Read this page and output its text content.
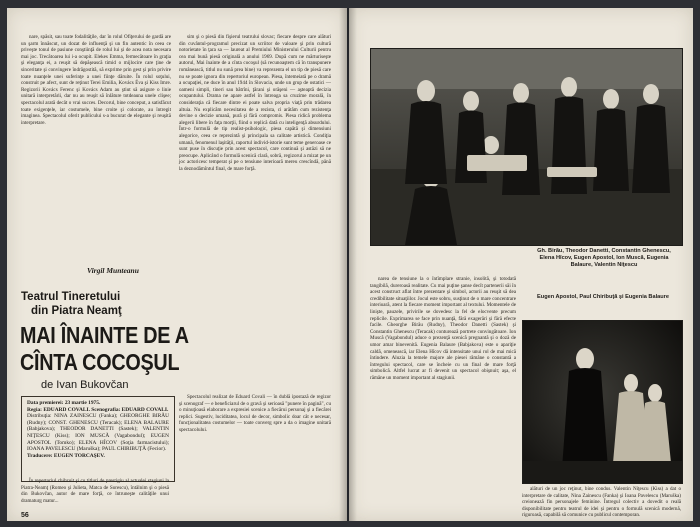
nare, spăsit, sau toate fodalităţile, dar în rolul Ofiţerului de gardă are un şarm înnăscut, un dozat de influenţă şi un fin autentic în ceea ce priveşte tonul de pasiune conştiinţă de rolul lui şi de acea nota necesara mai joc. Trecătoarea lui i-a ocupit. Elekes Emma, fermecătoare în graţia şi eleganţa ei, a reuşit să depăşească timid o mijlocire care ţine de sinceritate şi convingere îndrăgostită, să exprime prin gest şi prin privire toate nuanţele unei suferinţe a unei fiinţe dăruite. În rolul soţului, construit pe afect, sunt de reţinut Terei Emilia, Kovács Éva şi Kiss Imre. Regizorii Kovács Ferenc şi Kovács Adam au ştiut să asigure o linie unitară interpretării, dar nu au reuşit să înlăture totdeauna unele clişee; spectacolul arată decât o vrai succes. Decorul, bine conceput, a satisfăcut toate exigenţele, iar costumele, bine croite şi colorate, au întregit imaginea. Spectacolul oferit publicului s-a bucurat de elegante şi reuşită interpretare.

Virgil Munteanu
Teatrul Tineretului
din Piatra Neamţ
MAI ÎNAINTE DE A
CÎNTA COCOŞUL
de Ivan Bukovčan
Data premierei: 23 martie 1975.
Regia: EDUARD COVALI. Scenografia: EDUARD COVALI.
Distribuţia: NINA ZAINESCU (Fanka); GHEORGHE BIRĂU (Rudny); CONST. GHENESCU (Teracak); ELENA BALAURE (Babjakova); THEODOR DANETTI (Sastek); VALENTIN NIŢESCU (Kiss); ION MUSCĂ (Vagabondul); EUGEN APOSTOL (Tomko); ELENA HÎCOV (Soţia farmacistului); IOANA PAVELESCU (Maruška); PAUL CHIRIBUŢĂ (Fecior).
Traducere: EUGEN TORCAŞEV.

În repertoriul chibzuit şi cu titluri de prestigiu al actualei stagiuni la Piatra-Neamţ (Romeo şi Julieta, Matca de Sorescu), întâlnim şi o piesă din Bukovčan, autor de mare forţă, ce întruneşte calităţile unui dramaturg matur...

56

sim şi o piesă din fişierul teatrului slovac; fiecare despre care alături din cuvântul-programul precizat un scriitor de valoare şi prin cultură notorietate în ţara sa — laureat al Premiului Ministerului Culturii pentru cea mai bună piesă originală a anului 1969. După cum ne mărturiseşte autorul, Mai înainte de a cînta cocoşul (să recunoaştem că în transpunere românească, titlul nu sună prea bine) va reprezenta el un tip de piesă care nu se poate ignora din repertoriul european. Piesa, întemeiată pe o dramă a ocupaţiei, ne duce în anul 1944 în Slovacia, unde un grup de ostatici — oameni simpli, tineri sau bătrîni, ţărani şi orăşeni — aşteaptă decizia ocupantului. Drama ne apare astfel în întreaga sa cruzime morală, în consideraţia că fiecare dintre ei poate salva propria viaţă prin trădarea altuia. Nu explicăm necesitatea de a rezista, ci arătăm cum rezistenţa devine o decizie umană, pură şi fără compromis. Piesa ridică problema alegerii libere în faţa morţii, fiind o replică dată cu inteligenţă absurdului. Într-o formulă de tip realist-psihologic, piesa capătă şi dimensiuni alegorice, ceea ce reprezintă şi principala sa calitate artistică. Condiţia umană, fenomenul laşităţii, raportul individ-istorie sunt teme generoase ce sunt puse în discuţie prin acest spectacol, care continuă şi astăzi să ne preocupe. Aplicând o formulă scenică clară, sobră, regizorul a mizat pe un joc actoricesc temperat şi pe o tensiune interioară mereu crescîndă, până la deznodămîntul final, de mare forţă.

Spectacolul realizat de Eduard Covali — în dublă ipostază de regizor şi scenograf — e beneficiarul de o gravă şi serioasă "punere în pagină", cu o minuţioasă elaborare a expresiei scenice a fiecărui personaj şi a fiecărei replici. Sugestiv, luciditatea, locul de decor, simbolic doar cât e necesar, funcţionalitatea costumelor — toate converg spre a da o imagine unitară spectacolului.

Gh. Birău, Theodor Danetti, Constantin Ghenescu, Elena Hîcov, Eugen Apostol, Ion Muscă, Eugenia Balaure, Valentin Niţescu

narea de tensiune la o întîmplare stranie, insolită, şi totodată tangibilă, dureroasă realitate. Cu mai puţine şanse decît partenerii săi în acest construct aflat între prezentare şi simbol, actorii au reuşit să dea credibilitate situaţiilor. Jocul este sobru, susţinut de o mare concentrare interioară, atent la fiecare moment important al textului. Momentele de linişte, pauzele, privirile se dovedesc la fel de elocvente precum replicile. Exprimarea se face prin nuanţă, fără exagerări şi fără efecte facile. Gheorghe Birău (Rudny), Theodor Danetti (Sastek) şi Constantin Ghenescu (Teracak) conturează portrete convingătoare. Ion Muscă (Vagabondul) aduce o prezenţă scenică pregnantă şi o doză de umor amar binevenită. Eugenia Balaure (Babjakova) este o apariţie caldă, omenească, iar Elena Hîcov dă intensitate unui rol de mai mică întindere. Aluzia la temele majore ale piesei rămâne o constantă a întregului spectacol, care se încheie cu un final de mare forţă simbolică. Altfel lucrat ar fi devenit un spectacol obişnuit; aşa, el rămâne un moment important al stagiunii.

Eugen Apostol, Paul Chiribuţă şi Eugenia Balaure

alături de un joc reţinut, bine condus. Valentin Niţescu (Kiss) a dat o interpretare de calitate, Nina Zainescu (Fanka) şi Ioana Pavelescu (Maruška) creionează fin personajele feminine. Întregul colectiv a dovedit o reală disponibilitate pentru teatrul de idei şi pentru o formulă scenică modernă, riguroasă, capabilă să comunice cu publicul contemporan.
